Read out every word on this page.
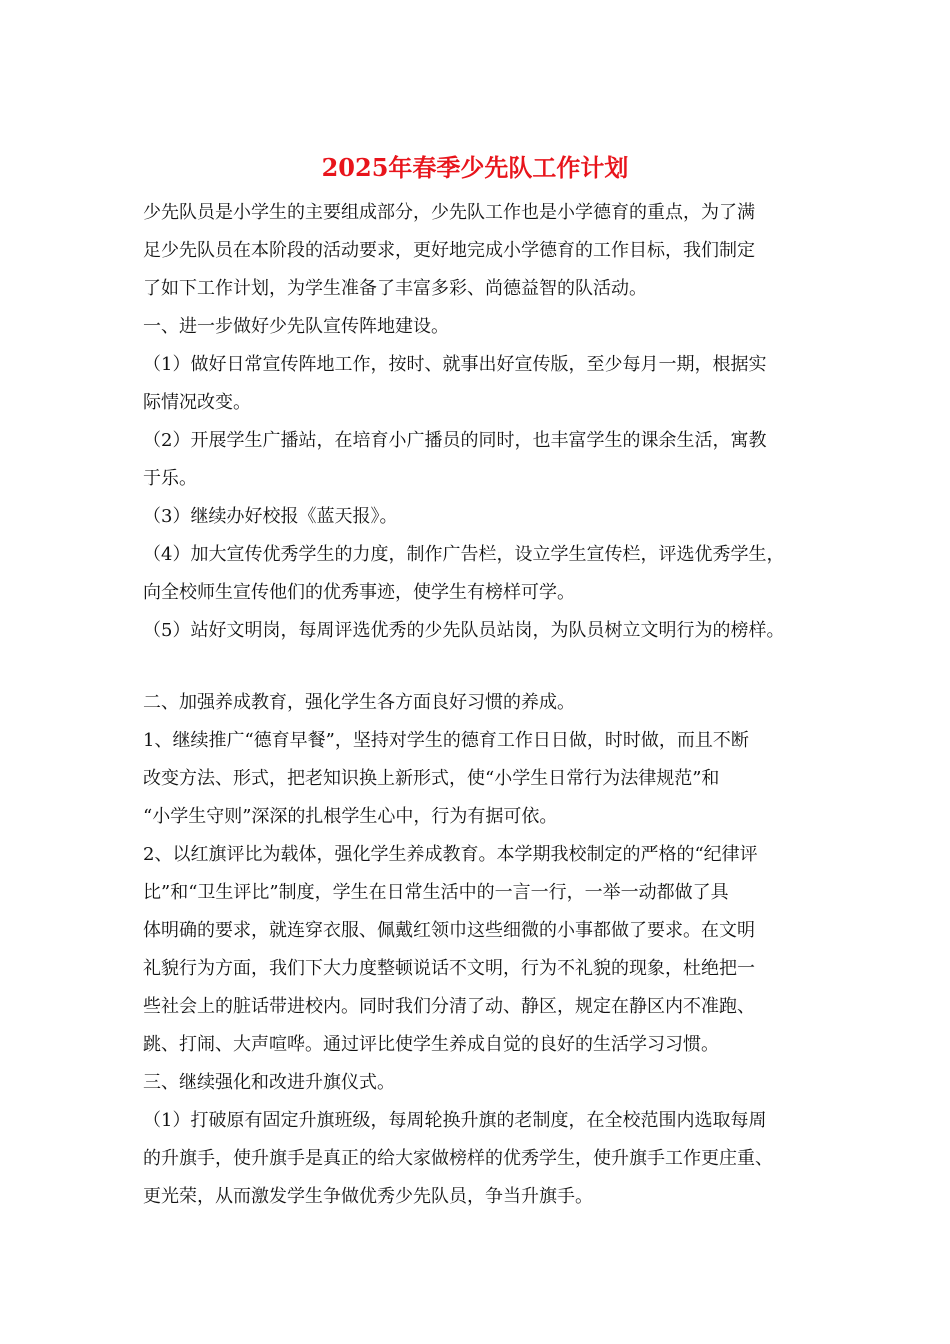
2025年春季少先队工作计划
少先队员是小学生的主要组成部分，少先队工作也是小学德育的重点，为了满
足少先队员在本阶段的活动要求，更好地完成小学德育的工作目标，我们制定
了如下工作计划，为学生准备了丰富多彩、尚德益智的队活动。
一、进一步做好少先队宣传阵地建设。
（1）做好日常宣传阵地工作，按时、就事出好宣传版，至少每月一期，根据实
际情况改变。
（2）开展学生广播站，在培育小广播员的同时，也丰富学生的课余生活，寓教
于乐。
（3）继续办好校报《蓝天报》。
（4）加大宣传优秀学生的力度，制作广告栏，设立学生宣传栏，评选优秀学生，
向全校师生宣传他们的优秀事迹，使学生有榜样可学。
（5）站好文明岗，每周评选优秀的少先队员站岗，为队员树立文明行为的榜样。
二、加强养成教育，强化学生各方面良好习惯的养成。
1、继续推广“德育早餐”，坚持对学生的德育工作日日做，时时做，而且不断
改变方法、形式，把老知识换上新形式，使“小学生日常行为法律规范”和
“小学生守则”深深的扎根学生心中，行为有据可依。
2、以红旗评比为载体，强化学生养成教育。本学期我校制定的严格的“纪律评
比”和“卫生评比”制度，学生在日常生活中的一言一行，一举一动都做了具
体明确的要求，就连穿衣服、佩戴红领巾这些细微的小事都做了要求。在文明
礼貌行为方面，我们下大力度整顿说话不文明，行为不礼貌的现象，杜绝把一
些社会上的脏话带进校内。同时我们分清了动、静区，规定在静区内不准跑、
跳、打闹、大声喧哗。通过评比使学生养成自觉的良好的生活学习习惯。
三、继续强化和改进升旗仪式。
（1）打破原有固定升旗班级，每周轮换升旗的老制度，在全校范围内选取每周
的升旗手，使升旗手是真正的给大家做榜样的优秀学生，使升旗手工作更庄重、
更光荣，从而激发学生争做优秀少先队员，争当升旗手。
